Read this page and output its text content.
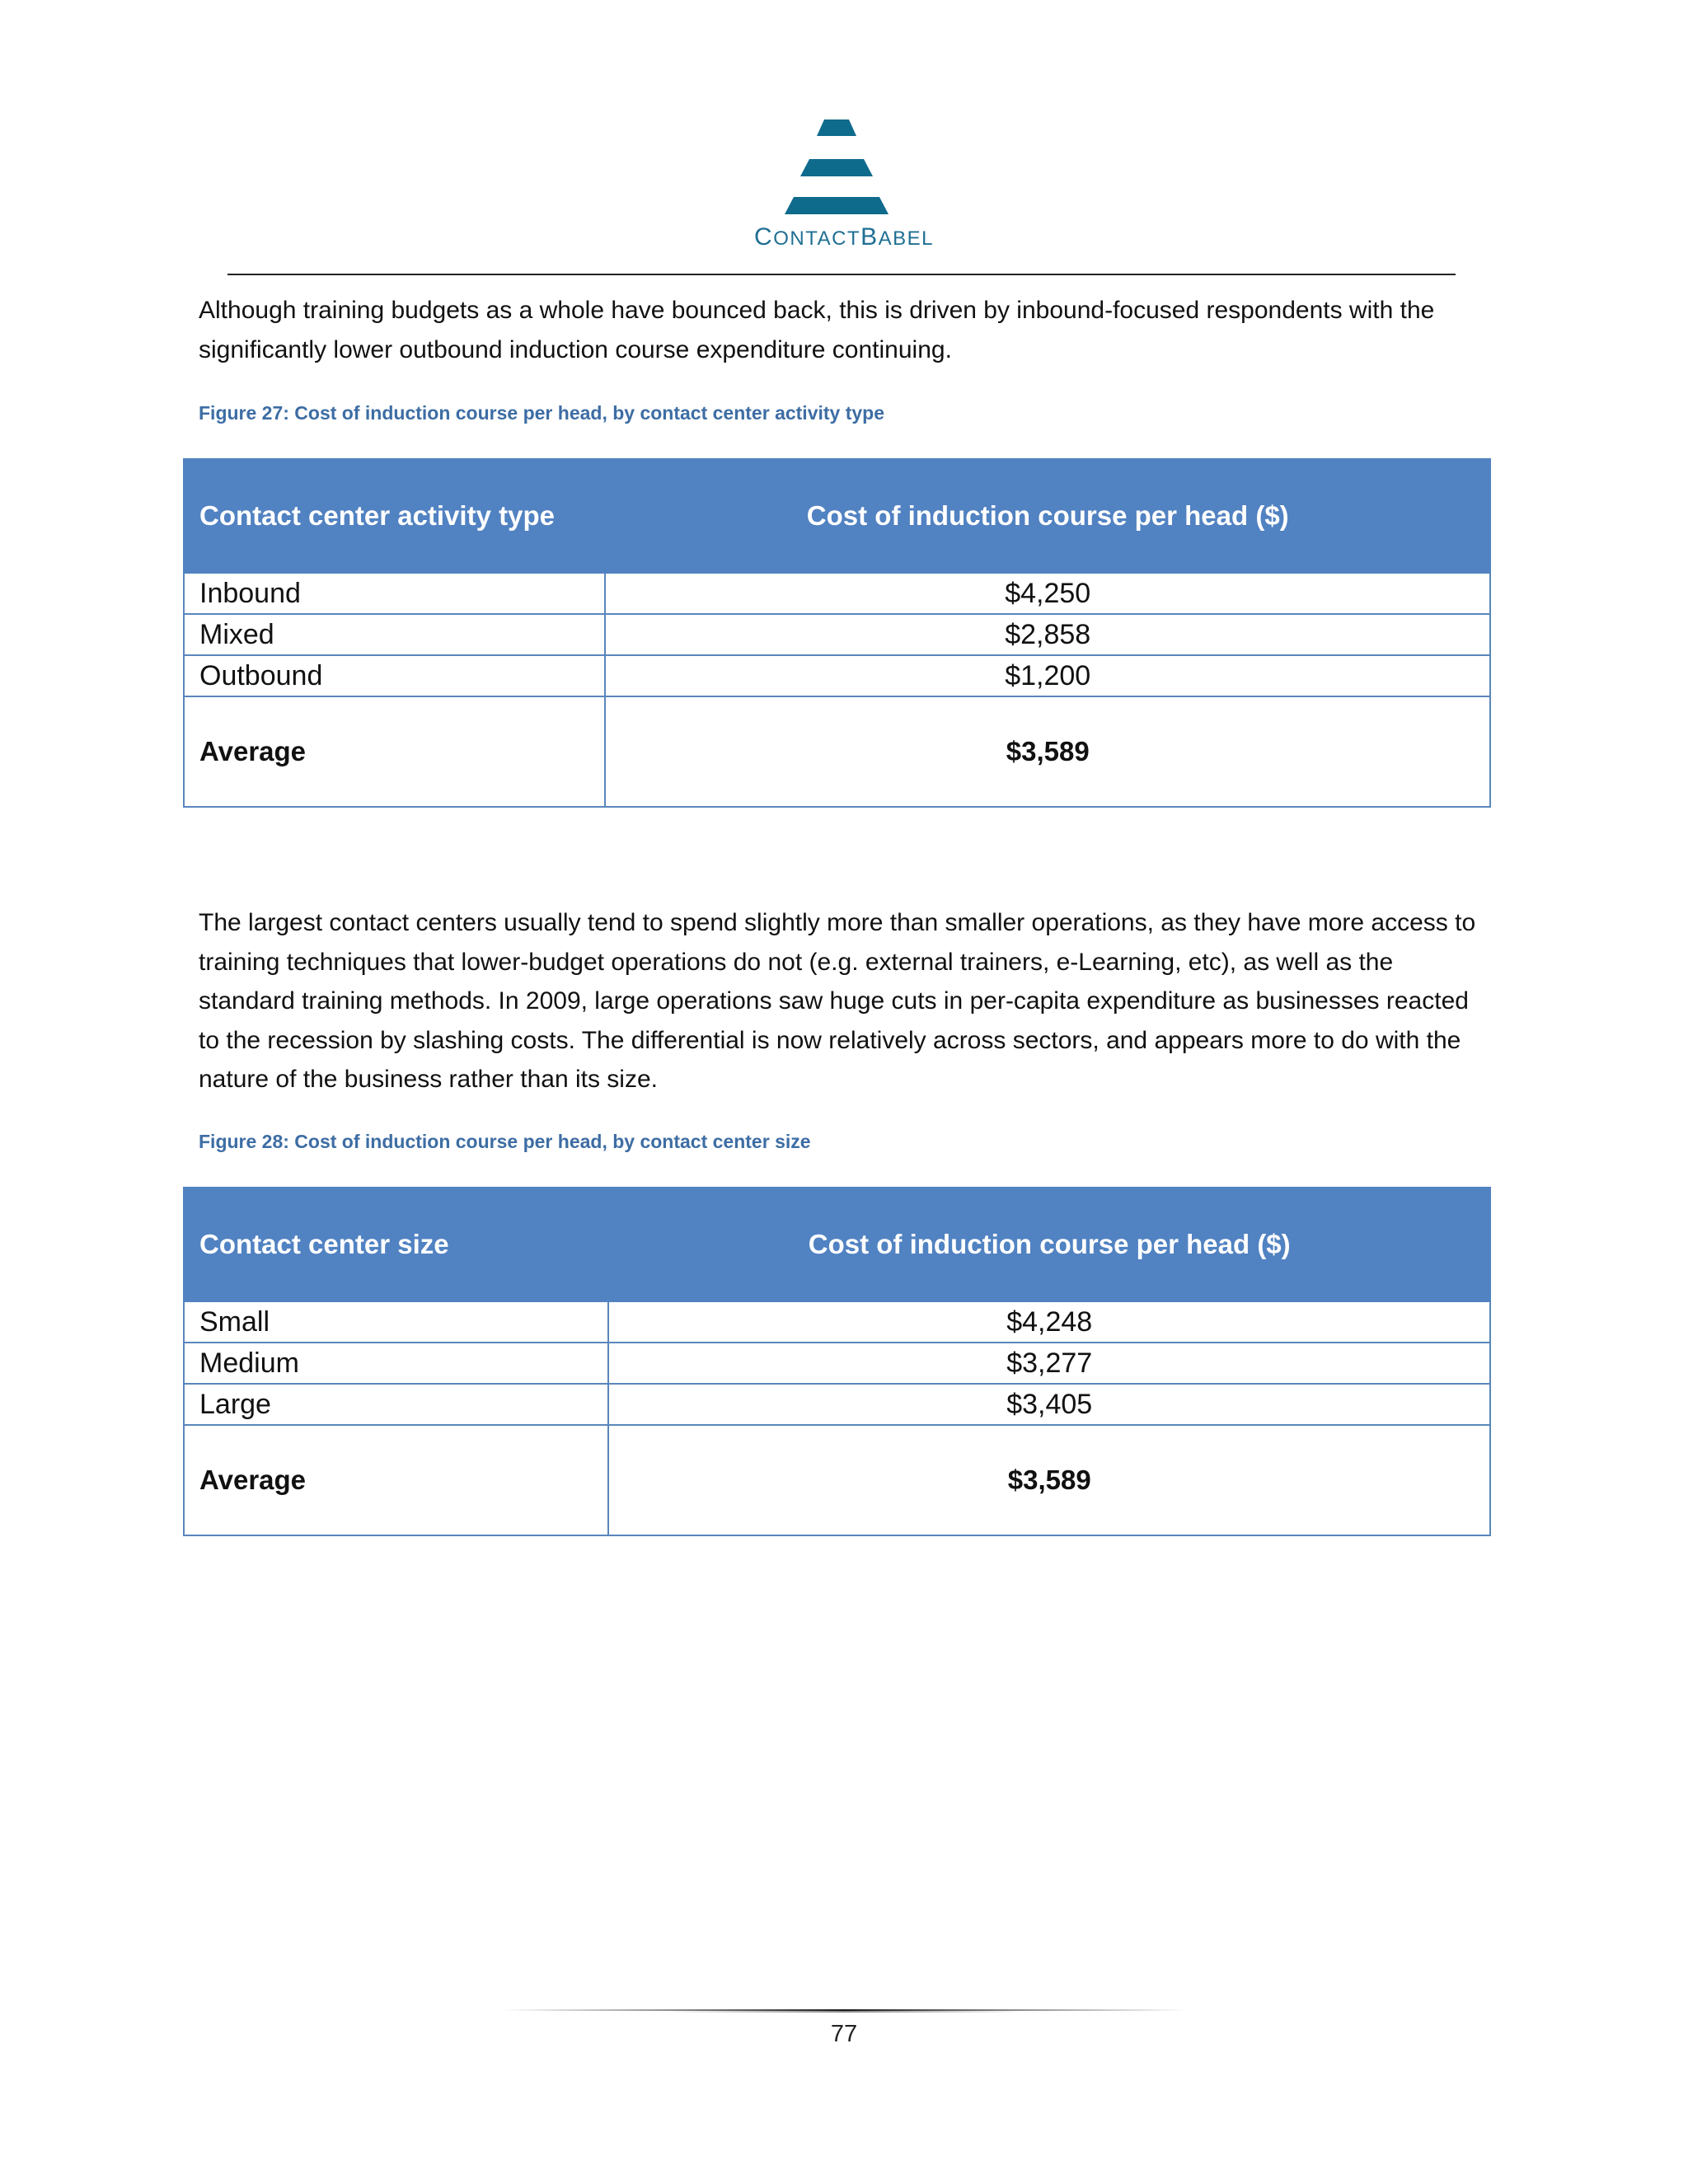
CONTACTBABEL

Although training budgets as a whole have bounced back, this is driven by inbound-focused respondents with the significantly lower outbound induction course expenditure continuing.

Figure 27: Cost of induction course per head, by contact center activity type
Contact center activity type	Cost of induction course per head ($)
Inbound	$4,250
Mixed	$2,858
Outbound	$1,200
Average	$3,589

The largest contact centers usually tend to spend slightly more than smaller operations, as they have more access to training techniques that lower-budget operations do not (e.g. external trainers, e-Learning, etc), as well as the standard training methods. In 2009, large operations saw huge cuts in per-capita expenditure as businesses reacted to the recession by slashing costs. The differential is now relatively across sectors, and appears more to do with the nature of the business rather than its size.

Figure 28: Cost of induction course per head, by contact center size
Contact center size	Cost of induction course per head ($)
Small	$4,248
Medium	$3,277
Large	$3,405
Average	$3,589
77
